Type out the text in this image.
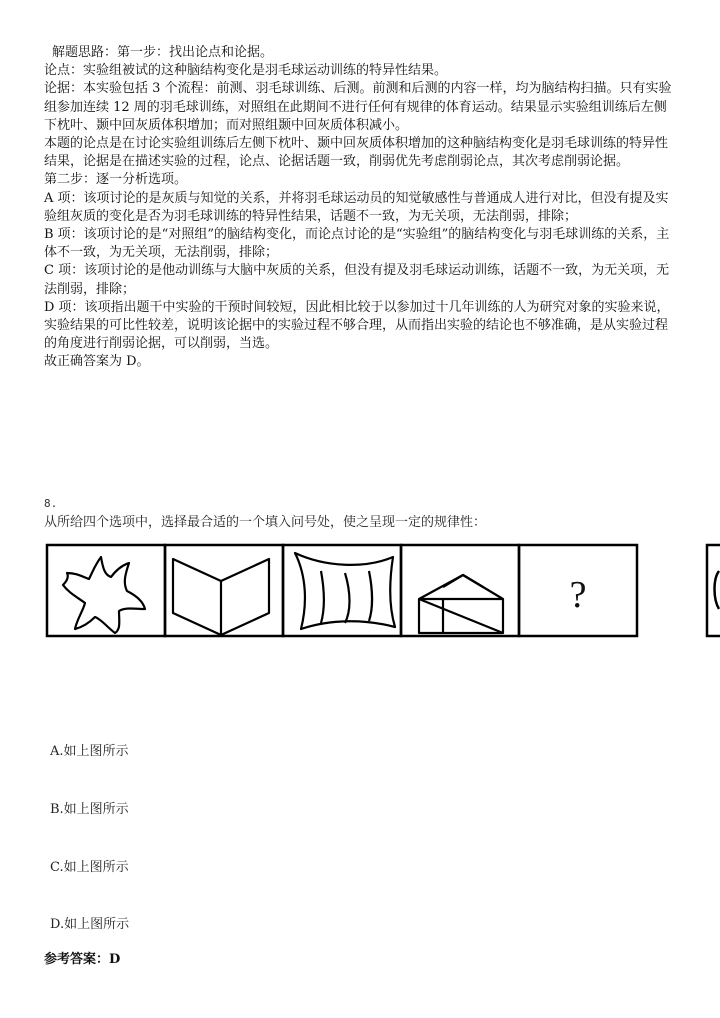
解题思路：第一步：找出论点和论据。

论点：实验组被试的这种脑结构变化是羽毛球运动训练的特异性结果。

论据：本实验包括 3 个流程：前测、羽毛球训练、后测。前测和后测的内容一样，均为脑结构扫描。只有实验组参加连续 12 周的羽毛球训练，对照组在此期间不进行任何有规律的体育运动。结果显示实验组训练后左侧下枕叶、颞中回灰质体积增加；而对照组颞中回灰质体积减小。

本题的论点是在讨论实验组训练后左侧下枕叶、颞中回灰质体积增加的这种脑结构变化是羽毛球训练的特异性结果，论据是在描述实验的过程，论点、论据话题一致，削弱优先考虑削弱论点，其次考虑削弱论据。

第二步：逐一分析选项。

A 项：该项讨论的是灰质与知觉的关系，并将羽毛球运动员的知觉敏感性与普通成人进行对比，但没有提及实验组灰质的变化是否为羽毛球训练的特异性结果，话题不一致，为无关项，无法削弱，排除；

B 项：该项讨论的是“对照组”的脑结构变化，而论点讨论的是“实验组”的脑结构变化与羽毛球训练的关系，主体不一致，为无关项，无法削弱，排除；

C 项：该项讨论的是他动训练与大脑中灰质的关系，但没有提及羽毛球运动训练，话题不一致，为无关项，无法削弱，排除；

D 项：该项指出题干中实验的干预时间较短，因此相比较于以参加过十几年训练的人为研究对象的实验来说，实验结果的可比性较差，说明该论据中的实验过程不够合理，从而指出实验的结论也不够准确，是从实验过程的角度进行削弱论据，可以削弱，当选。

故正确答案为 D。

8.
从所给四个选项中，选择最合适的一个填入问号处，使之呈现一定的规律性：
?
A.如上图所示
B.如上图所示
C.如上图所示
D.如上图所示
参考答案：D
